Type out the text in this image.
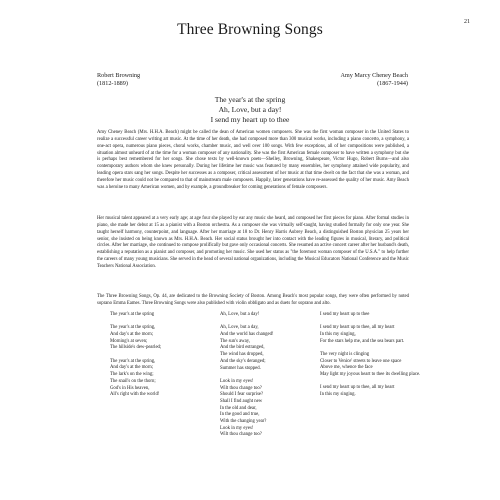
21
Three Browning Songs
Robert Browning
(1812-1889)
Amy Marcy Cheney Beach
(1867-1944)
The year's at the spring
Ah, Love, but a day!
I send my heart up to thee

Amy Cheney Beach (Mrs. H.H.A. Beach) might be called the dean of American women composers. She was the first woman composer in the United States to realize a successful career writing art music. At the time of her death, she had composed more than 300 musical works, including a piano concerto, a symphony, a one-act opera, numerous piano pieces, choral works, chamber music, and well over 100 songs. With few exceptions, all of her compositions were published, a situation almost unheard of at the time for a woman composer of any nationality. She was the first American female composer to have written a symphony but she is perhaps best remembered for her songs. She chose texts by well-known poets—Shelley, Browning, Shakespeare, Victor Hugo, Robert Burns—and also contemporary authors whom she knew personally. During her lifetime her music was featured by many ensembles, her symphony attained wide popularity, and leading opera stars sang her songs. Despite her successes as a composer, critical assessment of her music at that time dwelt on the fact that she was a woman, and therefore her music could not be compared to that of mainstream male composers. Happily, later generations have re-assessed the quality of her music. Amy Beach was a heroine to many American women, and by example, a groundbreaker for coming generations of female composers.

Her musical talent appeared at a very early age; at age four she played by ear any music she heard, and composed her first pieces for piano. After formal studies in piano, she made her debut at 15 as a pianist with a Boston orchestra. As a composer she was virtually self-taught, having studied formally for only one year. She taught herself harmony, counterpoint, and language. After her marriage at 18 to Dr. Henry Harris Aubrey Beach, a distinguished Boston physician 25 years her senior, she insisted on being known as Mrs. H.H.A. Beach. Her social status brought her into contact with the leading figures in musical, literary, and political circles. After her marriage, she continued to compose prolifically but gave only occasional concerts. She resumed an active concert career after her husband's death, establishing a reputation as a pianist and composer, and promoting her music. She used her status as "the foremost woman composer of the U.S.A." to help further the careers of many young musicians. She served in the head of several national organizations, including the Musical Educators National Conference and the Music Teachers National Association.

The Three Browning Songs, Op. 44, are dedicated to the Browning Society of Boston. Among Beach's most popular songs, they were often performed by noted soprano Emma Eames. Three Browning Songs were also published with violin obbligato and as duets for soprano and alto.

The year's at the spring
The year's at the spring,
And day's at the morn;
Morning's at seven;
The hillside's dew-pearled;
The year's at the spring,
And day's at the morn;
The lark's on the wing;
The snail's on the thorn;
God's in His heaven,
All's right with the world!
Ah, Love, but a day!
Ah, Love, but a day,
And the world has changed!
The sun's away,
And the bird estranged,
The wind has dropped,
And the sky's deranged;
Summer has stopped.
Look in my eyes!
Wilt thou change too?
Should I fear surprise?
Shall I find aught new
In the old and dear,
In the good and true,
With the changing year?
Look in my eyes!
Wilt thou change too?
I send my heart up to thee
I send my heart up to thee, all my heart
In this my singing,
For the stars help me, and the sea bears part.
The very night is clinging
Closer to Venice' streets to leave one space
Above me, whence the face
May light my joyous heart to thee its dwelling place.
I send my heart up to thee, all my heart
In this my singing.
